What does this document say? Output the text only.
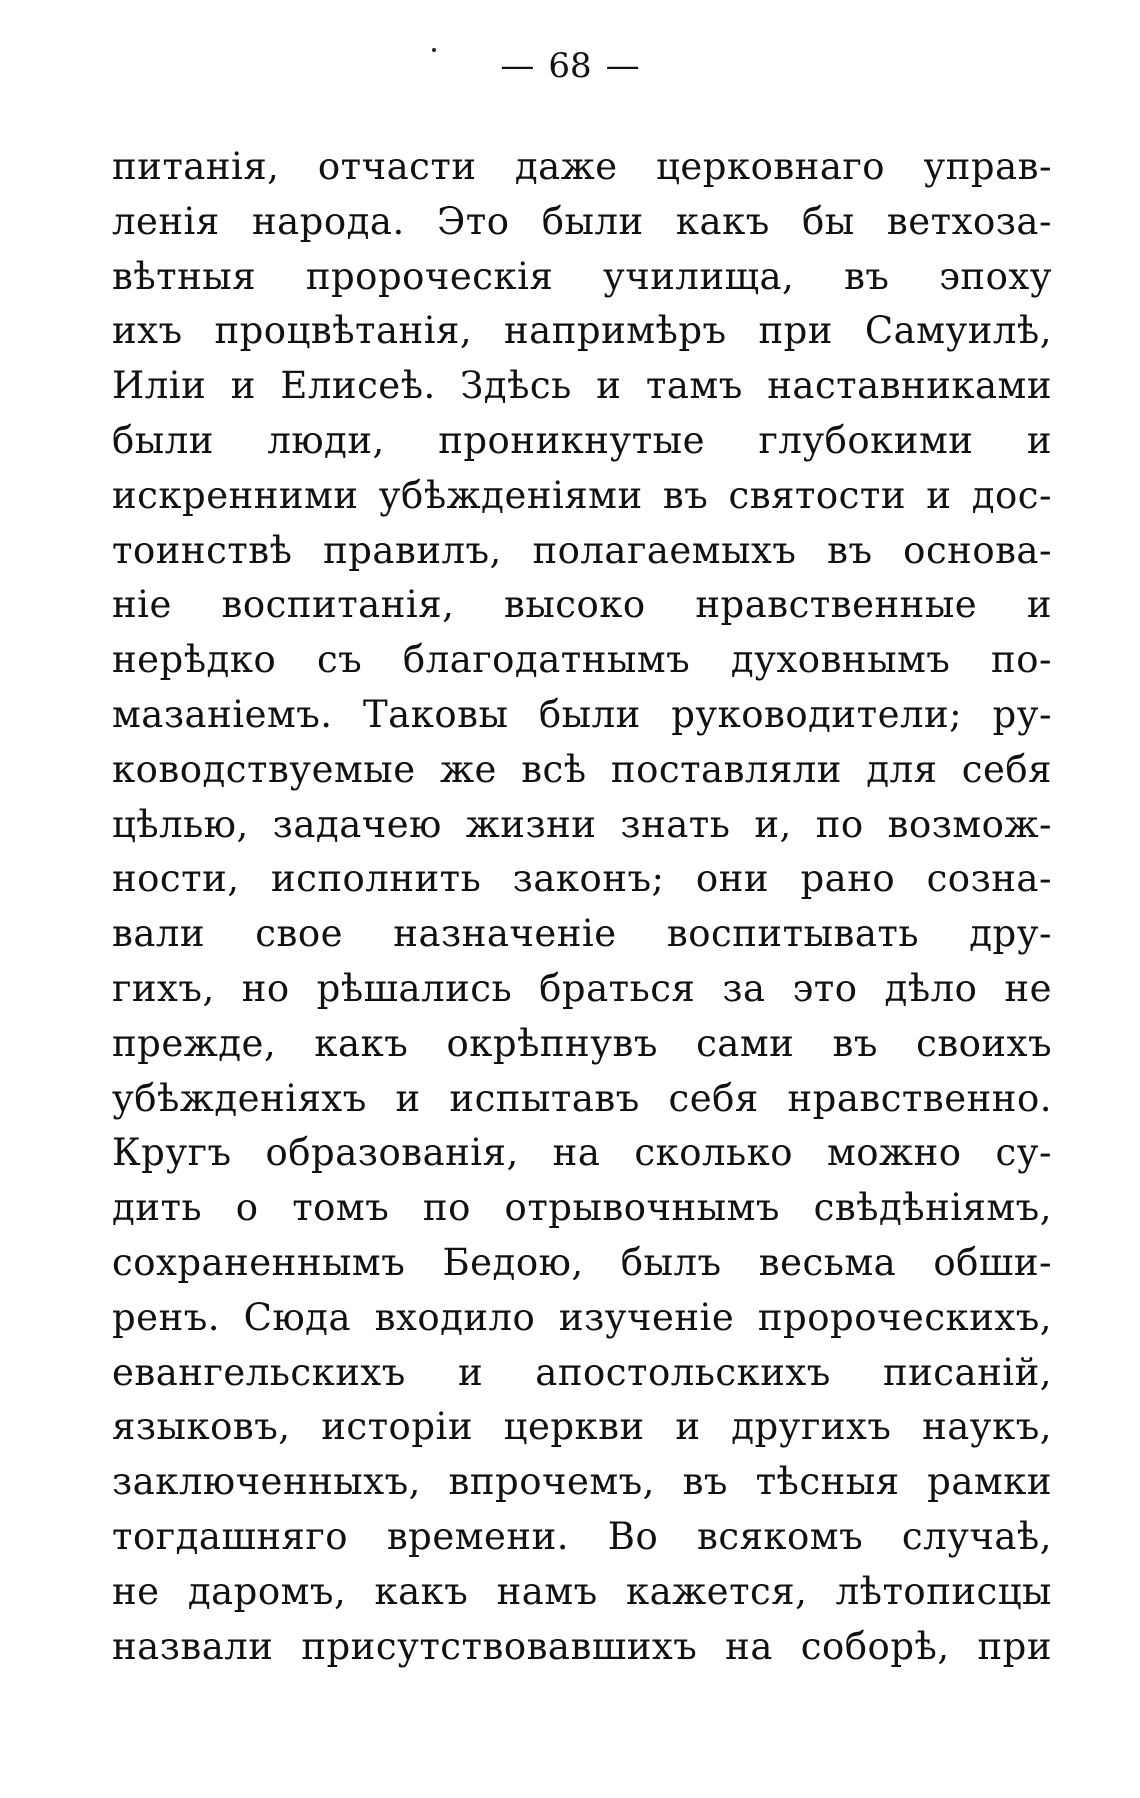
— 68 —
питанія, отчасти даже церковнаго управ-
ленія народа. Это были какъ бы ветхоза-
вѣтныя пророческія училища, въ эпоху
ихъ процвѣтанія, напримѣръ при Самуилѣ,
Иліи и Елисеѣ. Здѣсь и тамъ наставниками
были люди, проникнутые глубокими и
искренними убѣжденіями въ святости и дос-
тоинствѣ правилъ, полагаемыхъ въ основа-
ніе воспитанія, высоко нравственные и
нерѣдко съ благодатнымъ духовнымъ по-
мазаніемъ. Таковы были руководители; ру-
ководствуемые же всѣ поставляли для себя
цѣлью, задачею жизни знать и, по возмож-
ности, исполнить законъ; они рано созна-
вали свое назначеніе воспитывать дру-
гихъ, но рѣшались браться за это дѣло не
прежде, какъ окрѣпнувъ сами въ своихъ
убѣжденіяхъ и испытавъ себя нравственно.
Кругъ образованія, на сколько можно су-
дить о томъ по отрывочнымъ свѣдѣніямъ,
сохраненнымъ Бедою, былъ весьма обши-
ренъ. Сюда входило изученіе пророческихъ,
евангельскихъ и апостольскихъ писаній,
языковъ, исторіи церкви и другихъ наукъ,
заключенныхъ, впрочемъ, въ тѣсныя рамки
тогдашняго времени. Во всякомъ случаѣ,
не даромъ, какъ намъ кажется, лѣтописцы
назвали присутствовавшихъ на соборѣ, при
